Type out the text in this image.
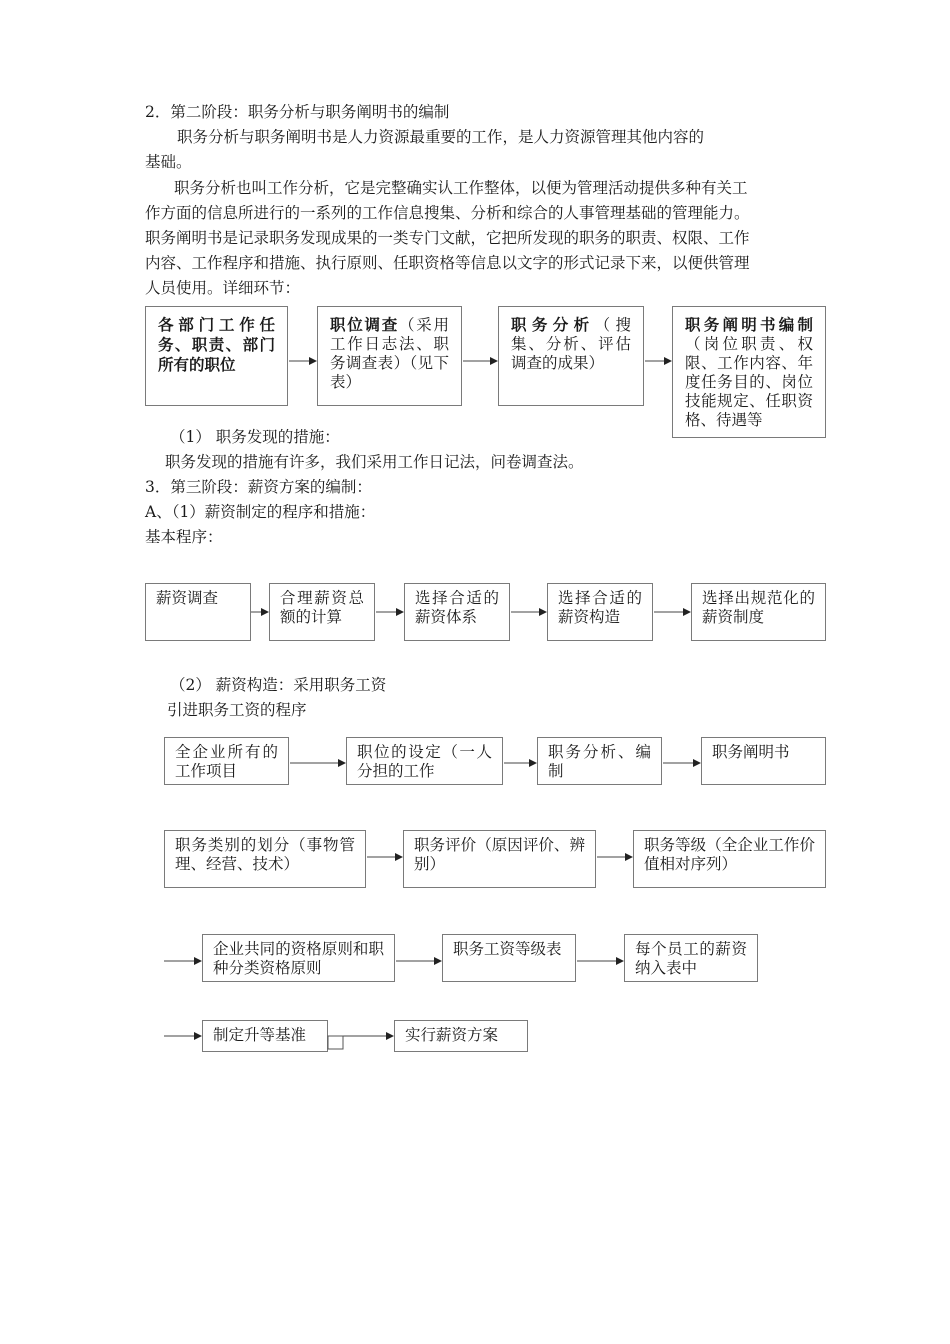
2．第二阶段：职务分析与职务阐明书的编制
职务分析与职务阐明书是人力资源最重要的工作，是人力资源管理其他内容的
基础。
职务分析也叫工作分析，它是完整确实认工作整体，以便为管理活动提供多种有关工
作方面的信息所进行的一系列的工作信息搜集、分析和综合的人事管理基础的管理能力。
职务阐明书是记录职务发现成果的一类专门文献，它把所发现的职务的职责、权限、工作
内容、工作程序和措施、执行原则、任职资格等信息以文字的形式记录下来，以便供管理
人员使用。详细环节：
各部门工作任务、职责、部门所有的职位
职位调查（采用工作日志法、职务调查表）（见下表）
职务分析（搜集、分析、评估调查的成果）
职务阐明书编制（岗位职责、权限、工作内容、年度任务目的、岗位技能规定、任职资格、待遇等
（1） 职务发现的措施：
职务发现的措施有许多，我们采用工作日记法，问卷调查法。
3．第三阶段：薪资方案的编制：
A、（1）薪资制定的程序和措施：
基本程序：
薪资调查	合理薪资总额的计算
选择合适的薪资体系
选择合适的薪资构造
选择出规范化的薪资制度
（2） 薪资构造：采用职务工资
引进职务工资的程序
全企业所有的工作项目
职位的设定（一人分担的工作
职务分析、编制
职务阐明书
职务类别的划分（事物管理、经营、技术）
职务评价（原因评价、辨别）
职务等级（全企业工作价值相对序列）
企业共同的资格原则和职种分类资格原则
职务工资等级表	每个员工的薪资纳入表中
制定升等基准	实行薪资方案
